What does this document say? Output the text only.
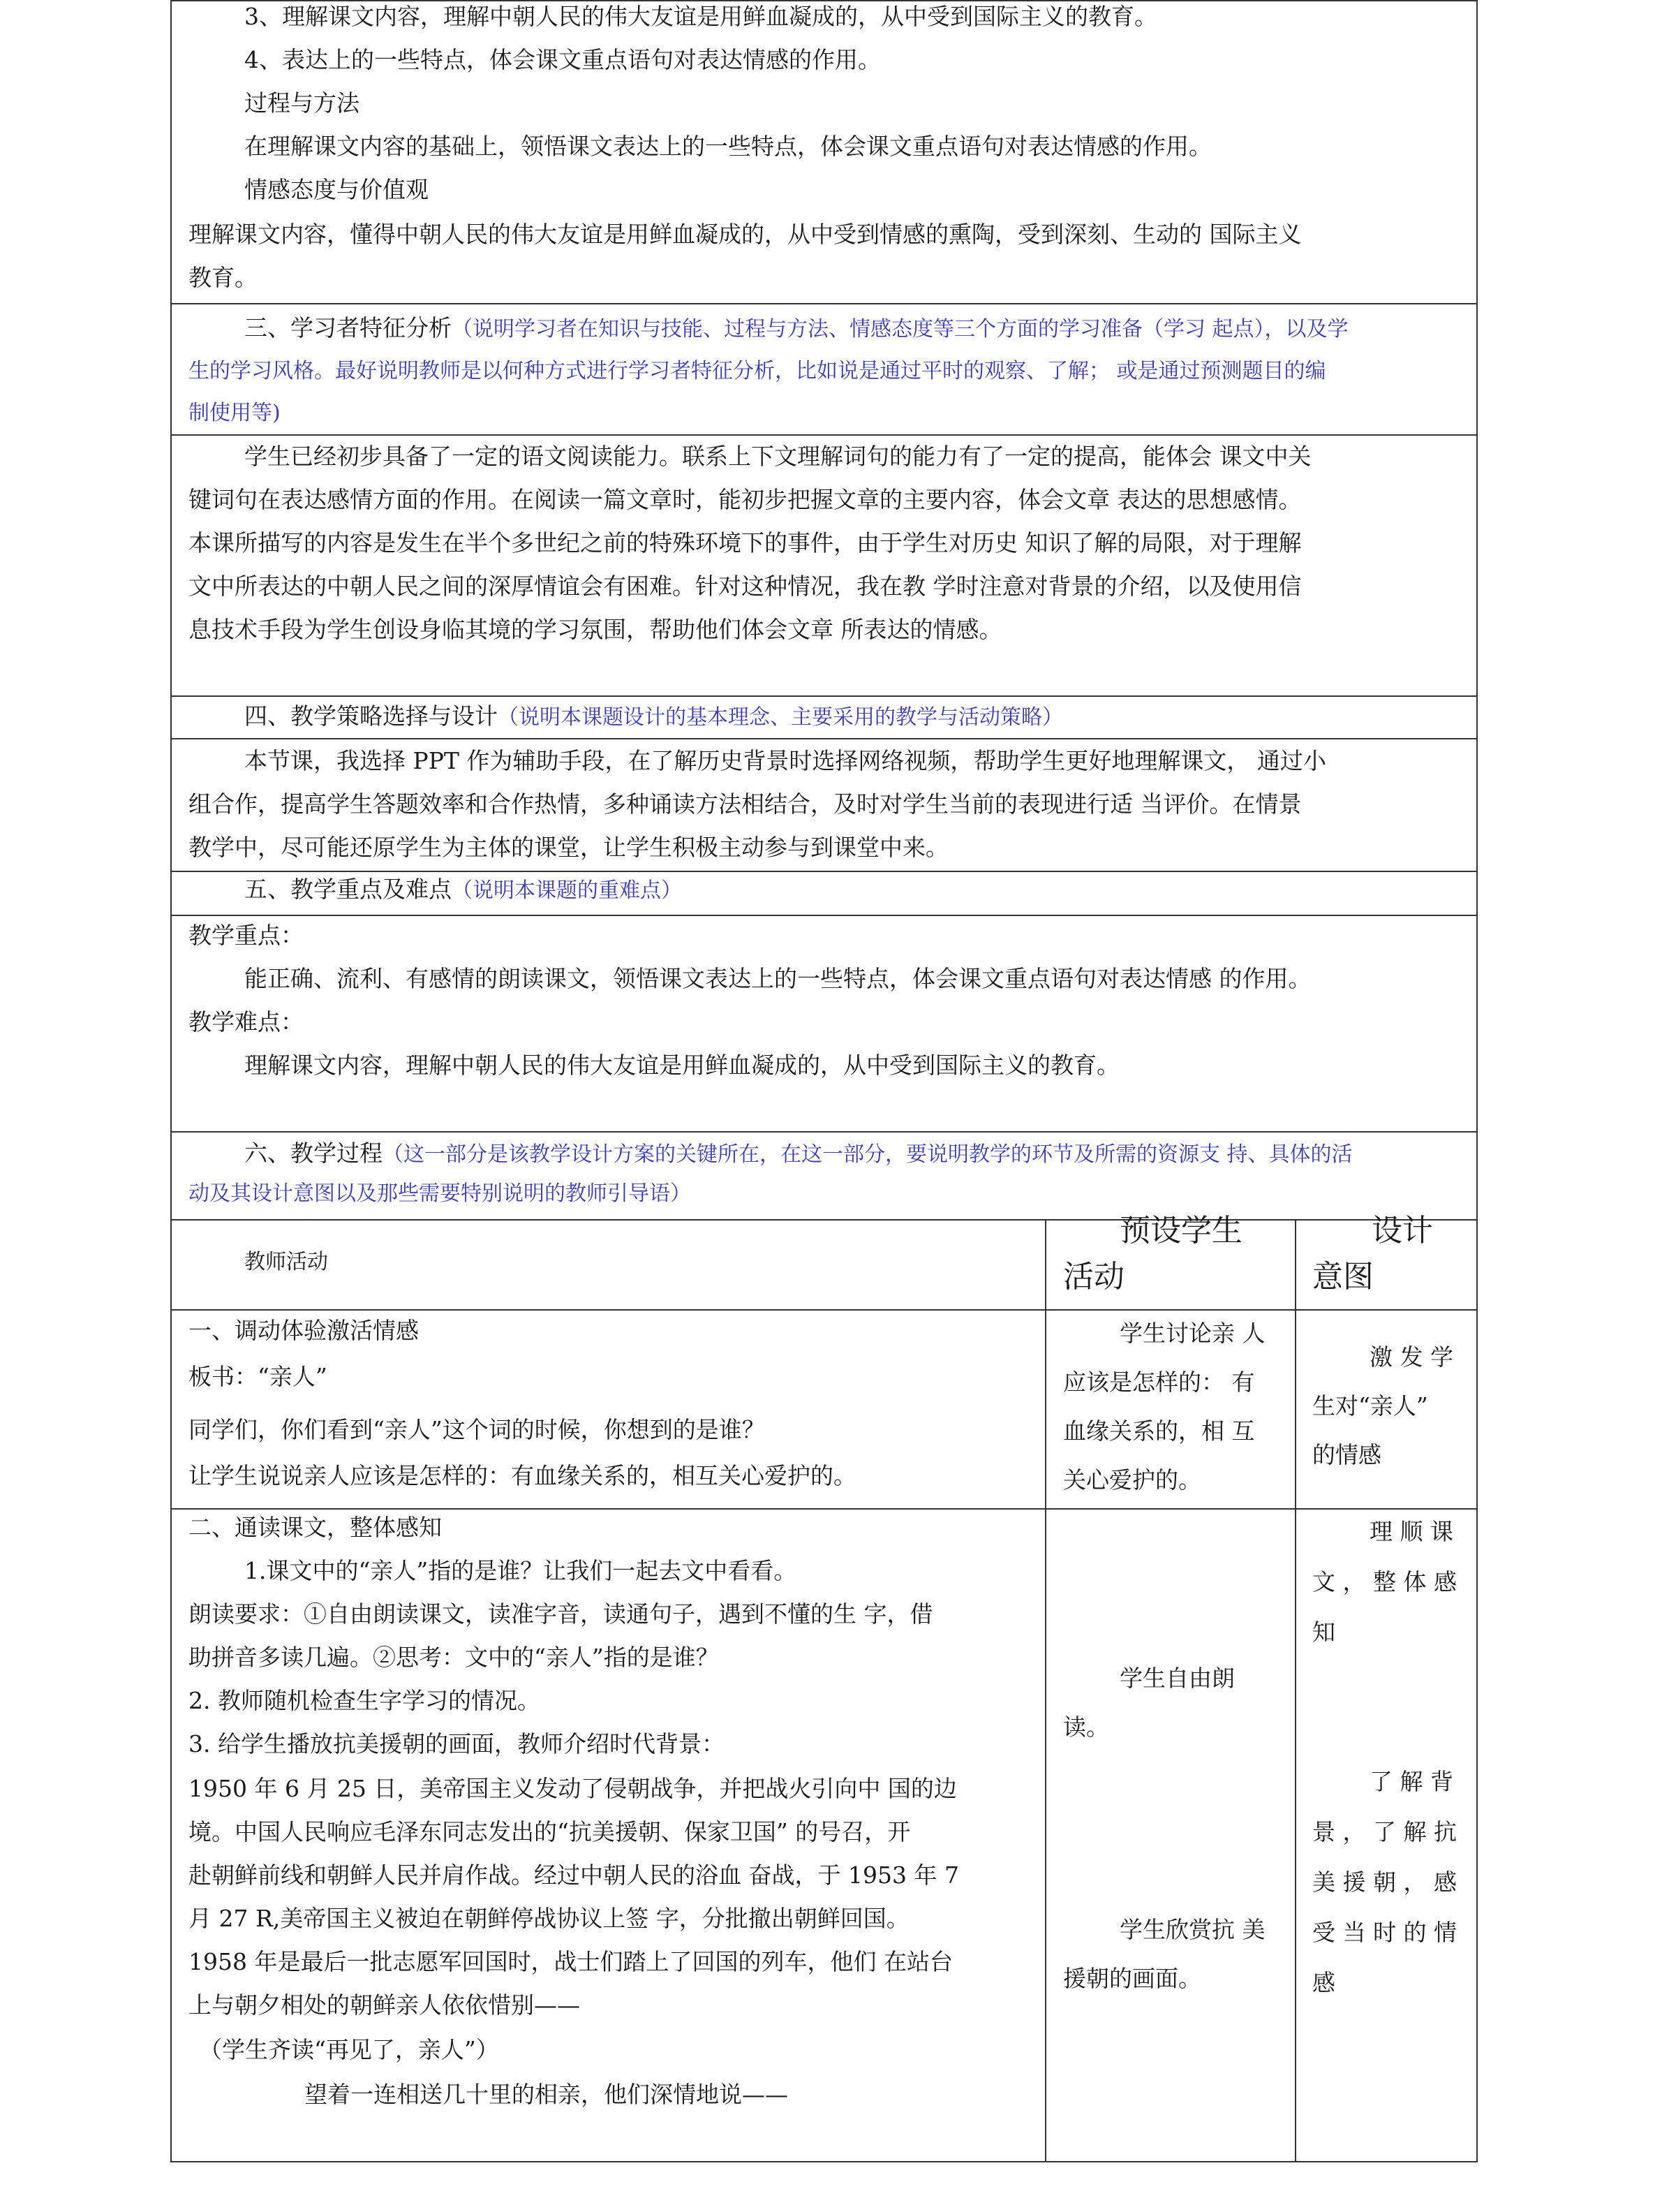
3、理解课文内容，理解中朝人民的伟大友谊是用鲜血凝成的，从中受到国际主义的教育。
4、表达上的一些特点，体会课文重点语句对表达情感的作用。
过程与方法
在理解课文内容的基础上，领悟课文表达上的一些特点，体会课文重点语句对表达情感的作用。
情感态度与价值观
理解课文内容，懂得中朝人民的伟大友谊是用鲜血凝成的，从中受到情感的熏陶，受到深刻、生动的 国际主义
教育。
三、学习者特征分析（说明学习者在知识与技能、过程与方法、情感态度等三个方面的学习准备（学习 起点），以及学
生的学习风格。最好说明教师是以何种方式进行学习者特征分析，比如说是通过平时的观察、了解； 或是通过预测题目的编
制使用等)
学生已经初步具备了一定的语文阅读能力。联系上下文理解词句的能力有了一定的提高，能体会 课文中关
键词句在表达感情方面的作用。在阅读一篇文章时，能初步把握文章的主要内容，体会文章 表达的思想感情。
本课所描写的内容是发生在半个多世纪之前的特殊环境下的事件，由于学生对历史 知识了解的局限，对于理解
文中所表达的中朝人民之间的深厚情谊会有困难。针对这种情况，我在教 学时注意对背景的介绍，以及使用信
息技术手段为学生创设身临其境的学习氛围，帮助他们体会文章 所表达的情感。
四、教学策略选择与设计（说明本课题设计的基本理念、主要采用的教学与活动策略）
本节课，我选择 PPT 作为辅助手段，在了解历史背景时选择网络视频，帮助学生更好地理解课文， 通过小
组合作，提高学生答题效率和合作热情，多种诵读方法相结合，及时对学生当前的表现进行适 当评价。在情景
教学中，尽可能还原学生为主体的课堂，让学生积极主动参与到课堂中来。
五、教学重点及难点（说明本课题的重难点）
教学重点：
能正确、流利、有感情的朗读课文，领悟课文表达上的一些特点，体会课文重点语句对表达情感 的作用。
教学难点：
理解课文内容，理解中朝人民的伟大友谊是用鲜血凝成的，从中受到国际主义的教育。
六、教学过程（这一部分是该教学设计方案的关键所在，在这一部分，要说明教学的环节及所需的资源支 持、具体的活
动及其设计意图以及那些需要特别说明的教师引导语）
教师活动
预设学生
活动
设计
意图
一、调动体验激活情感
板书：“亲人”
同学们，你们看到“亲人”这个词的时候，你想到的是谁？
让学生说说亲人应该是怎样的：有血缘关系的，相互关心爱护的。
学生讨论亲 人
应该是怎样的： 有
血缘关系的，相 互
关心爱护的。
激 发 学
生对“亲人”
的情感
二、通读课文，整体感知
1.课文中的“亲人”指的是谁？让我们一起去文中看看。
朗读要求：①自由朗读课文，读准字音，读通句子，遇到不懂的生 字，借
助拼音多读几遍。②思考：文中的“亲人”指的是谁？
2. 教师随机检查生字学习的情况。
3. 给学生播放抗美援朝的画面，教师介绍时代背景：
1950 年 6 月 25 日，美帝国主义发动了侵朝战争，并把战火引向中 国的边
境。中国人民响应毛泽东同志发出的“抗美援朝、保家卫国” 的号召，开
赴朝鲜前线和朝鲜人民并肩作战。经过中朝人民的浴血 奋战，于 1953 年 7
月 27 R,美帝国主义被迫在朝鲜停战协议上签 字，分批撤出朝鲜回国。
1958 年是最后一批志愿军回国时，战士们踏上了回国的列车，他们 在站台
上与朝夕相处的朝鲜亲人依依惜别——
（学生齐读“再见了，亲人”）
望着一连相送几十里的相亲，他们深情地说——
学生自由朗
读。
学生欣赏抗 美
援朝的画面。
理 顺 课
文 ， 整 体 感
知
了 解 背
景 ， 了 解 抗
美 援 朝 ， 感
受 当 时 的 情
感
